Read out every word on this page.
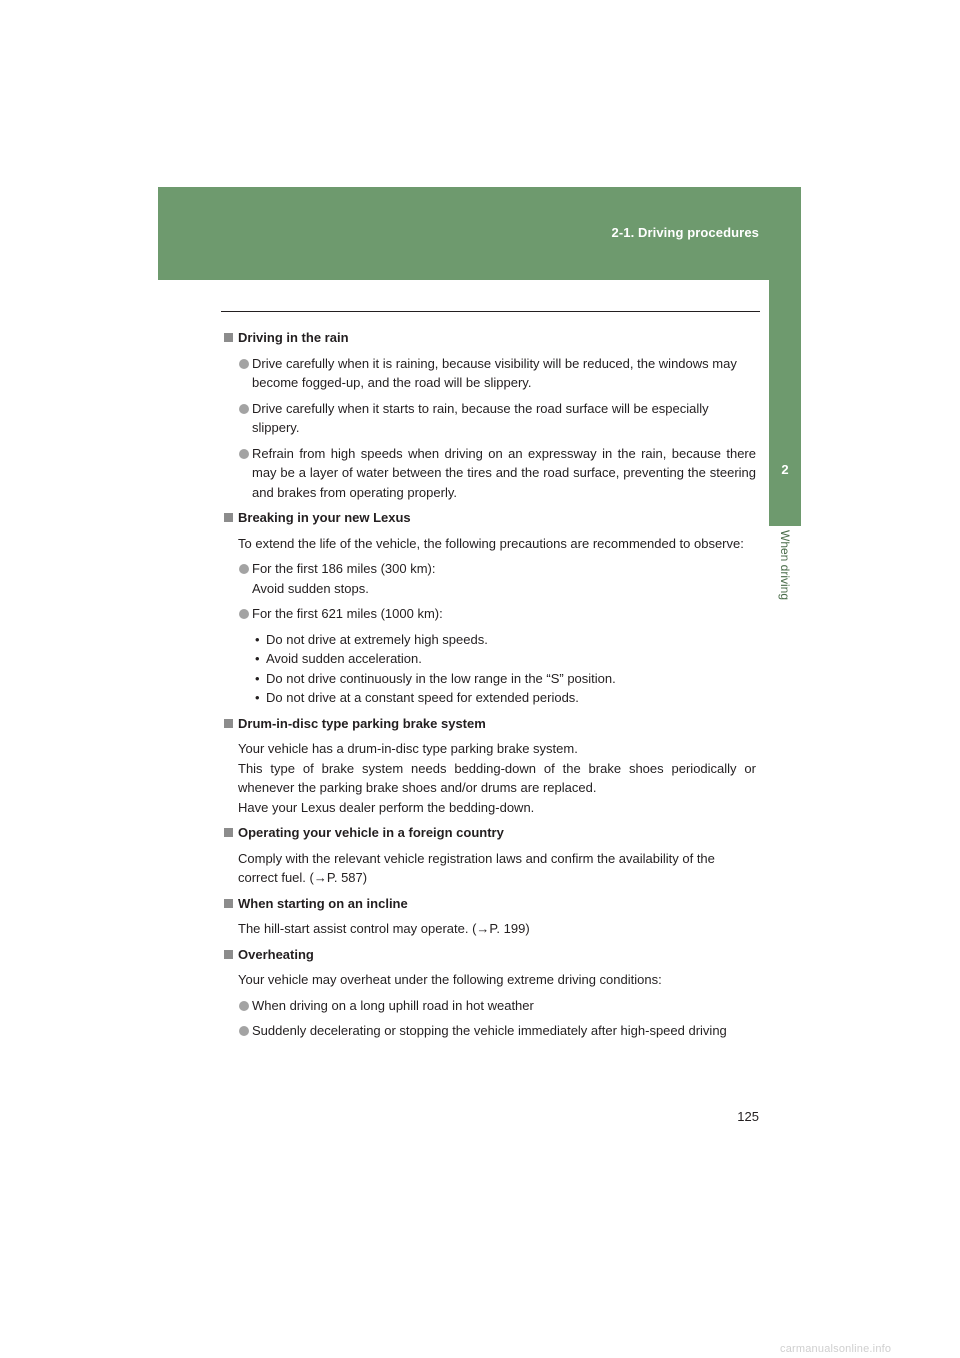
2-1. Driving procedures
2
When driving
Driving in the rain
Drive carefully when it is raining, because visibility will be reduced, the windows may become fogged-up, and the road will be slippery.
Drive carefully when it starts to rain, because the road surface will be especially slippery.
Refrain from high speeds when driving on an expressway in the rain, because there may be a layer of water between the tires and the road surface, preventing the steering and brakes from operating properly.
Breaking in your new Lexus
To extend the life of the vehicle, the following precautions are recommended to observe:
For the first 186 miles (300 km):
Avoid sudden stops.
For the first 621 miles (1000 km):
• Do not drive at extremely high speeds.
• Avoid sudden acceleration.
• Do not drive continuously in the low range in the “S” position.
• Do not drive at a constant speed for extended periods.
Drum-in-disc type parking brake system
Your vehicle has a drum-in-disc type parking brake system.
This type of brake system needs bedding-down of the brake shoes periodically or whenever the parking brake shoes and/or drums are replaced.
Have your Lexus dealer perform the bedding-down.
Operating your vehicle in a foreign country
Comply with the relevant vehicle registration laws and confirm the availability of the correct fuel. (→P. 587)
When starting on an incline
The hill-start assist control may operate. (→P. 199)
Overheating
Your vehicle may overheat under the following extreme driving conditions:
When driving on a long uphill road in hot weather
Suddenly decelerating or stopping the vehicle immediately after high-speed driving
125
carmanualsonline.info
